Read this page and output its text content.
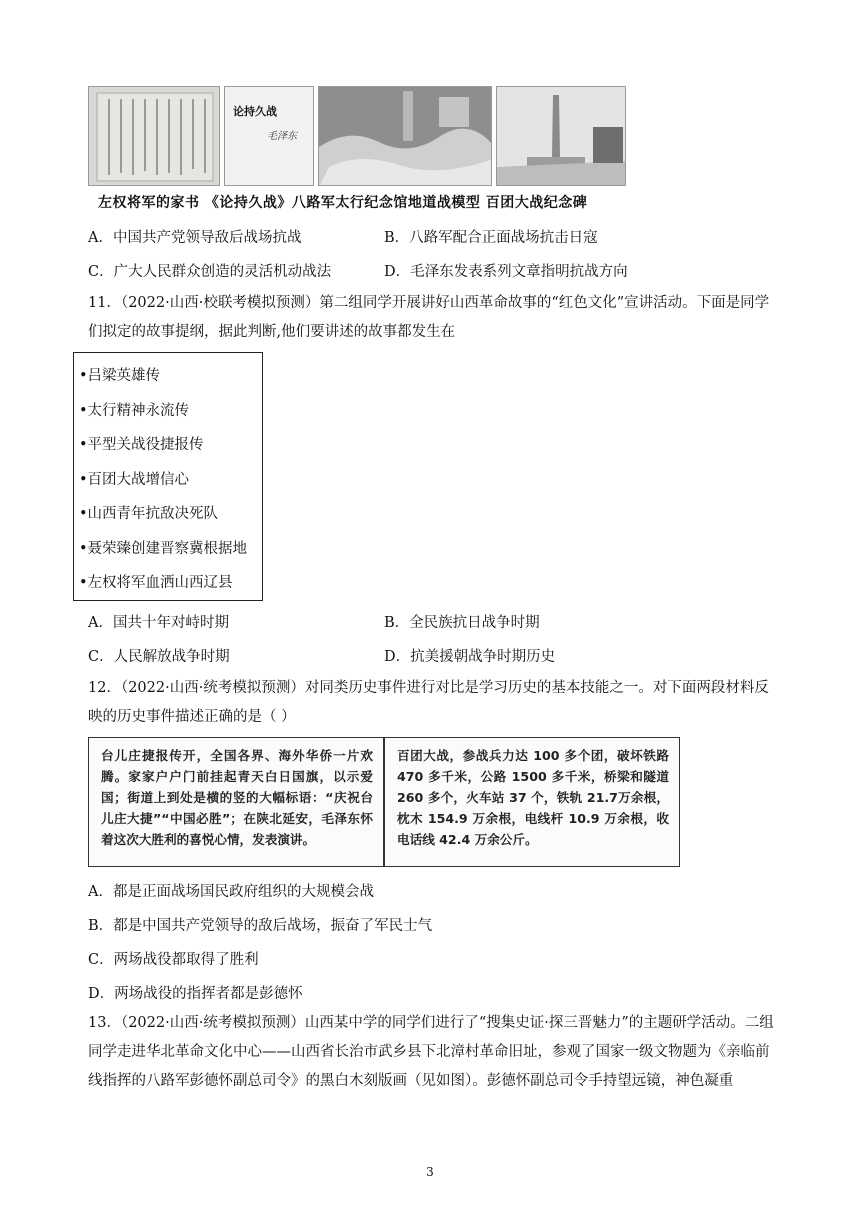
论持久战
毛泽东
左权将军的家书 《论持久战》八路军太行纪念馆地道战模型 百团大战纪念碑
A．中国共产党领导敌后战场抗战	B．八路军配合正面战场抗击日寇
C．广大人民群众创造的灵活机动战法	D．毛泽东发表系列文章指明抗战方向
11．（2022·山西·校联考模拟预测）第二组同学开展讲好山西革命故事的“红色文化”宣讲活动。下面是同学们拟定的故事提纲，据此判断,他们要讲述的故事都发生在
•吕梁英雄传
•太行精神永流传
•平型关战役捷报传
•百团大战增信心
•山西青年抗敌决死队
•聂荣臻创建晋察冀根据地
•左权将军血洒山西辽县
A．国共十年对峙时期	B．全民族抗日战争时期
C．人民解放战争时期	D．抗美援朝战争时期历史
12．（2022·山西·统考模拟预测）对同类历史事件进行对比是学习历史的基本技能之一。对下面两段材料反映的历史事件描述正确的是（ ）
台儿庄捷报传开，全国各界、海外华侨一片欢腾。家家户户门前挂起青天白日国旗，以示爱国；街道上到处是横的竖的大幅标语：“庆祝台儿庄大捷”“中国必胜”；在陕北延安，毛泽东怀着这次大胜利的喜悦心情，发表演讲。
百团大战，参战兵力达 100 多个团，破坏铁路 470 多千米，公路 1500 多千米，桥梁和隧道 260 多个，火车站 37 个，铁轨 21.7万余根，枕木 154.9 万余根，电线杆 10.9 万余根，收电话线 42.4 万余公斤。
A．都是正面战场国民政府组织的大规模会战
B．都是中国共产党领导的敌后战场，振奋了军民士气
C．两场战役都取得了胜利
D．两场战役的指挥者都是彭德怀
13．（2022·山西·统考模拟预测）山西某中学的同学们进行了“搜集史证·探三晋魅力”的主题研学活动。二组同学走进华北革命文化中心——山西省长治市武乡县下北漳村革命旧址，参观了国家一级文物题为《亲临前线指挥的八路军彭德怀副总司令》的黑白木刻版画（见如图）。彭德怀副总司令手持望远镜，神色凝重
3
